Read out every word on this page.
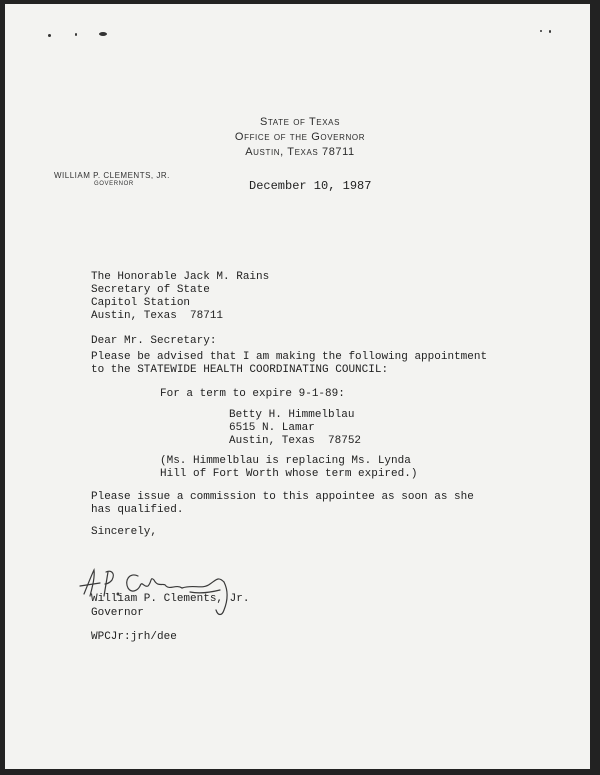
State of Texas
Office of the Governor
Austin, Texas 78711
WILLIAM P. CLEMENTS, JR.
GOVERNOR	December 10, 1987
The Honorable Jack M. Rains
Secretary of State
Capitol Station
Austin, Texas  78711
Dear Mr. Secretary:
Please be advised that I am making the following appointment
to the STATEWIDE HEALTH COORDINATING COUNCIL:
For a term to expire 9-1-89:
Betty H. Himmelblau
6515 N. Lamar
Austin, Texas  78752
(Ms. Himmelblau is replacing Ms. Lynda
Hill of Fort Worth whose term expired.)
Please issue a commission to this appointee as soon as she
has qualified.
Sincerely,
William P. Clements, Jr.
Governor
WPCJr:jrh/dee
